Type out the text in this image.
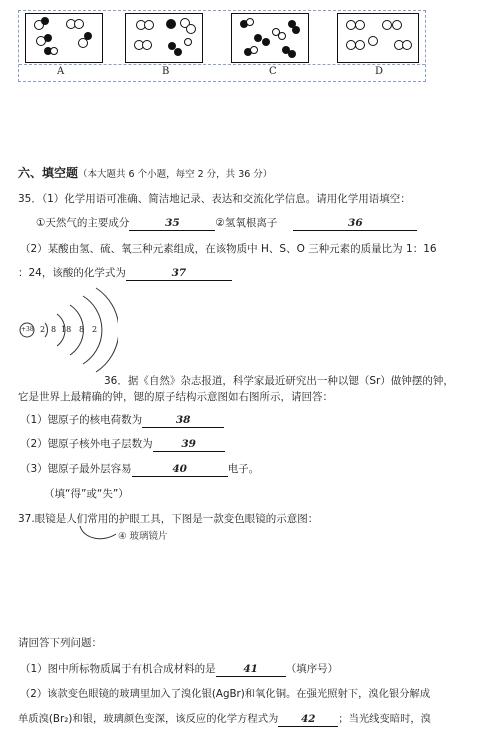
A	B	C	D
六、填空题（本大题共 6 个小题，每空 2 分，共 36 分）
35．（1）化学用语可准确、简洁地记录、表达和交流化学信息。请用化学用语填空：
①天然气的主要成分	35	②氢氧根离子	36
（2）某酸由氢、硫、氧三种元素组成，在该物质中 H、S、O 三种元素的质量比为 1：16
：24，该酸的化学式为	37
+38 2 8 18 8 2
36．据《自然》杂志报道，科学家最近研究出一种以锶（Sr）做钟摆的钟，
它是世界上最精确的钟，锶的原子结构示意图如右图所示，请回答：
（1）锶原子的核电荷数为	38
（2）锶原子核外电子层数为	39
（3）锶原子最外层容易	40	电子。
（填“得”或“失”）
37.眼镜是人们常用的护眼工具，下图是一款变色眼镜的示意图：
④ 玻璃镜片
请回答下列问题：
（1）图中所标物质属于有机合成材料的是	41	（填序号）
（2）该款变色眼镜的玻璃里加入了溴化银(AgBr)和氧化铜。在强光照射下，溴化银分解成
单质溴(Br₂)和银，玻璃颜色变深，该反应的化学方程式为 42 ；当光线变暗时，溴
